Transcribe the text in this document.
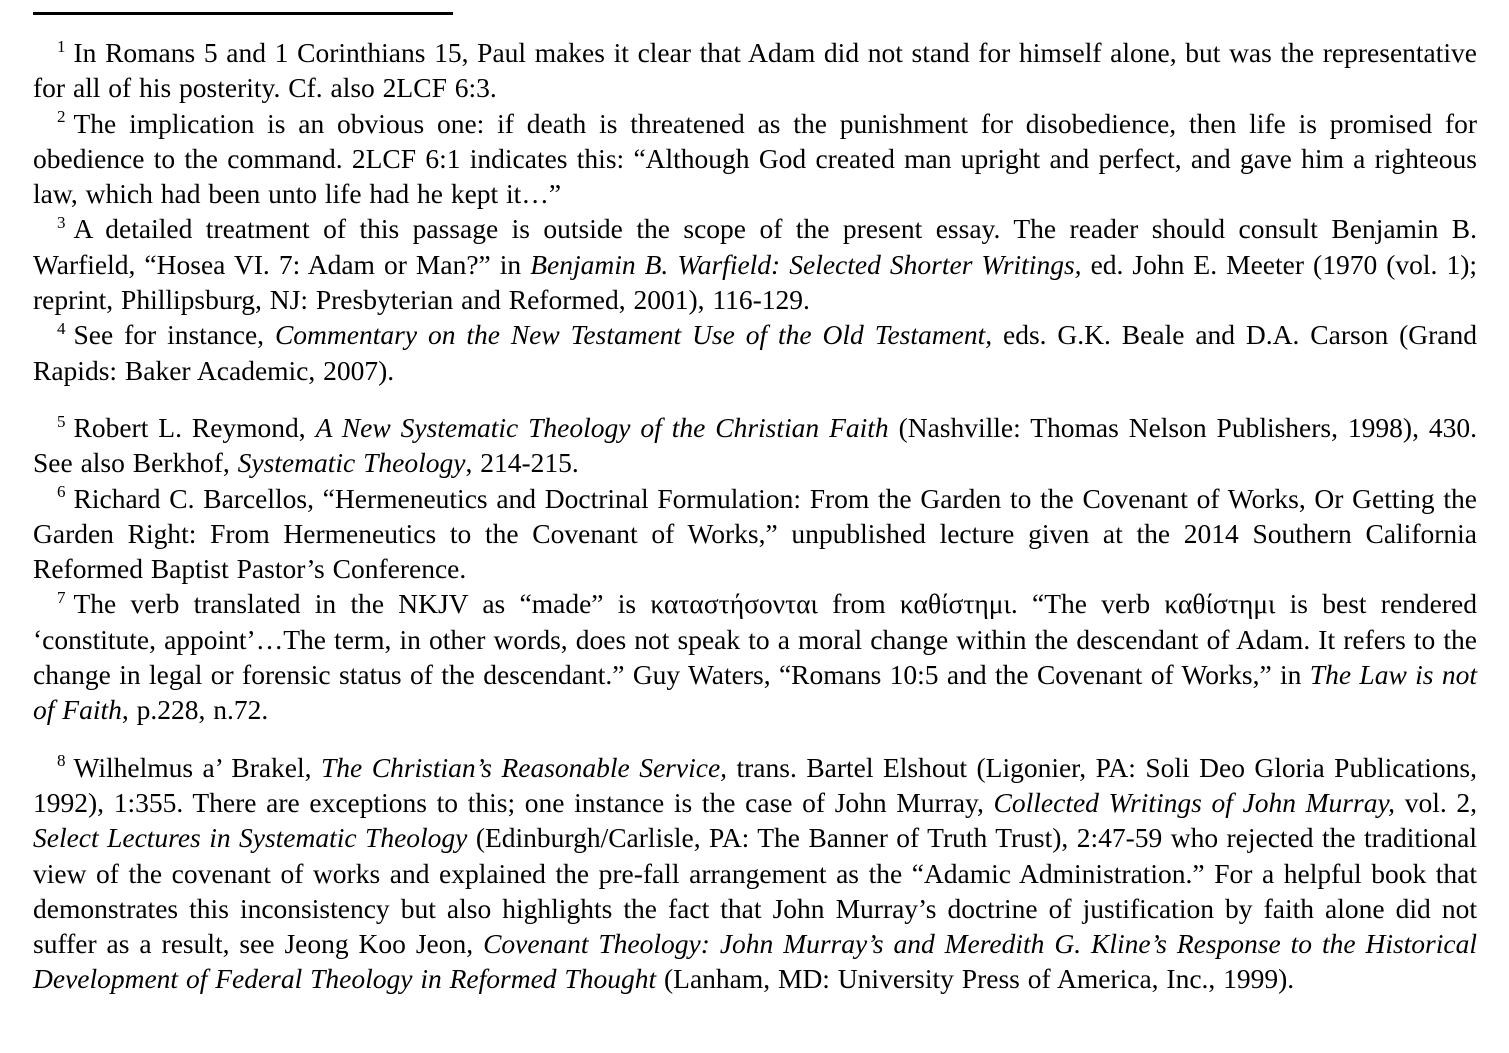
$^1$ In Romans 5 and 1 Corinthians 15, Paul makes it clear that Adam did not stand for himself alone, but was the representative for all of his posterity. Cf. also 2LCF 6:3.

$^2$ The implication is an obvious one: if death is threatened as the punishment for disobedience, then life is promised for obedience to the command. 2LCF 6:1 indicates this: “Although God created man upright and perfect, and gave him a righteous law, which had been unto life had he kept it…”

$^3$ A detailed treatment of this passage is outside the scope of the present essay. The reader should consult Benjamin B. Warfield, “Hosea VI. 7: Adam or Man?” in Benjamin B. Warfield: Selected Shorter Writings, ed. John E. Meeter (1970 (vol. 1); reprint, Phillipsburg, NJ: Presbyterian and Reformed, 2001), 116-129.

$^4$ See for instance, Commentary on the New Testament Use of the Old Testament, eds. G.K. Beale and D.A. Carson (Grand Rapids: Baker Academic, 2007).

$^5$ Robert L. Reymond, A New Systematic Theology of the Christian Faith (Nashville: Thomas Nelson Publishers, 1998), 430. See also Berkhof, Systematic Theology, 214-215.

$^6$ Richard C. Barcellos, “Hermeneutics and Doctrinal Formulation: From the Garden to the Covenant of Works, Or Getting the Garden Right: From Hermeneutics to the Covenant of Works,” unpublished lecture given at the 2014 Southern California Reformed Baptist Pastor’s Conference.

$^7$ The verb translated in the NKJV as “made” is καταστήσονται from καθίστημι. “The verb καθίστημι is best rendered ‘constitute, appoint’…The term, in other words, does not speak to a moral change within the descendant of Adam. It refers to the change in legal or forensic status of the descendant.” Guy Waters, “Romans 10:5 and the Covenant of Works,” in The Law is not of Faith, p.228, n.72.

$^8$ Wilhelmus a’ Brakel, The Christian’s Reasonable Service, trans. Bartel Elshout (Ligonier, PA: Soli Deo Gloria Publications, 1992), 1:355. There are exceptions to this; one instance is the case of John Murray, Collected Writings of John Murray, vol. 2, Select Lectures in Systematic Theology (Edinburgh/Carlisle, PA: The Banner of Truth Trust), 2:47-59 who rejected the traditional view of the covenant of works and explained the pre-fall arrangement as the “Adamic Administration.” For a helpful book that demonstrates this inconsistency but also highlights the fact that John Murray’s doctrine of justification by faith alone did not suffer as a result, see Jeong Koo Jeon, Covenant Theology: John Murray’s and Meredith G. Kline’s Response to the Historical Development of Federal Theology in Reformed Thought (Lanham, MD: University Press of America, Inc., 1999).
